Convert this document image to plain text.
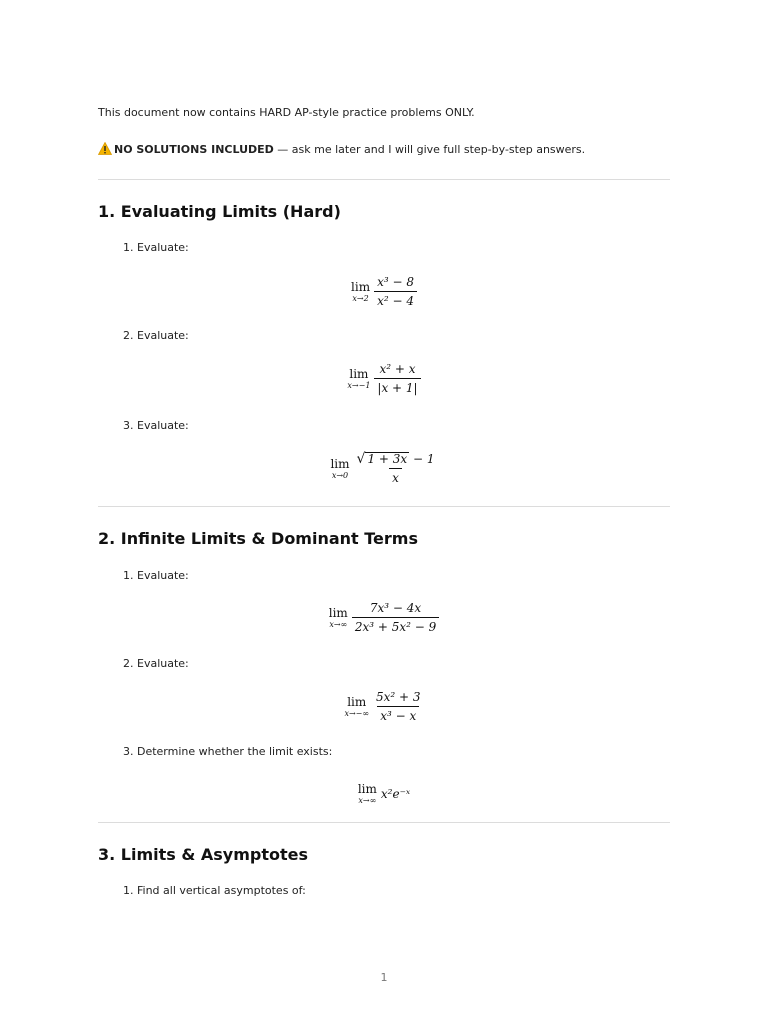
This document now contains HARD AP-style practice problems ONLY.
NO SOLUTIONS INCLUDED — ask me later and I will give full step-by-step answers.
1. Evaluating Limits (Hard)
1. Evaluate:
lim
$x\to 2 \frac{\text{x³ − 8}}{\text{x² − 4}}$
2. Evaluate:
lim
$x\to-1 \frac{\text{x² + x}}{|x + 1|}$
3. Evaluate:
lim
$x\to 0 \frac{√ 1 + 3x - 1}{x}$
2. Infinite Limits & Dominant Terms
1. Evaluate:
lim
$x\to\infty \frac{\text{7x³ − 4x}}{\text{2x³ + 5x² − 9}}$
2. Evaluate:
lim
$x\to-\infty \frac{\text{5x² + 3}}{\text{x³ − x}}$
3. Determine whether the limit exists:
lim
x→∞ x²e⁻ˣ
3. Limits & Asymptotes
1. Find all vertical asymptotes of:
1
